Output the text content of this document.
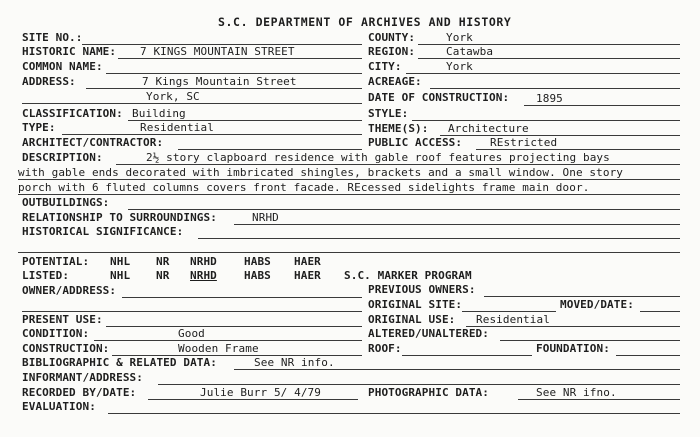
S.C. DEPARTMENT OF ARCHIVES AND HISTORY
SITE NO.:
HISTORIC NAME: 7 KINGS MOUNTAIN STREET
COMMON NAME:
ADDRESS:	7 Kings Mountain Street
York, SC
CLASSIFICATION: Building
TYPE:	Residential
ARCHITECT/CONTRACTOR:
COUNTY:	York
REGION:	Catawba
CITY:	York
ACREAGE:
DATE OF CONSTRUCTION: 1895
STYLE:
THEME(S): Architecture
PUBLIC ACCESS:	REstricted
DESCRIPTION:	2½ story clapboard residence with gable roof features projecting bays
with gable ends decorated with imbricated shingles, brackets and a small window. One story
porch with 6 fluted columns covers front facade. REcessed sidelights frame main door.
OUTBUILDINGS:
RELATIONSHIP TO SURROUNDINGS:	NRHD
HISTORICAL SIGNIFICANCE:
POTENTIAL: NHL NR NRHD HABS HAER
LISTED:	NHL NR NRHD HABS HAER S.C. MARKER PROGRAM
OWNER/ADDRESS:	PREVIOUS OWNERS:
ORIGINAL SITE:	MOVED/DATE:
PRESENT USE:	ORIGINAL USE: Residential
CONDITION:	Good	ALTERED/UNALTERED:
CONSTRUCTION:	Wooden Frame	ROOF:	FOUNDATION:
BIBLIOGRAPHIC & RELATED DATA:	See NR info.
INFORMANT/ADDRESS:
RECORDED BY/DATE:	Julie Burr 5/ 4/79	PHOTOGRAPHIC DATA:	See NR ifno.
EVALUATION:
